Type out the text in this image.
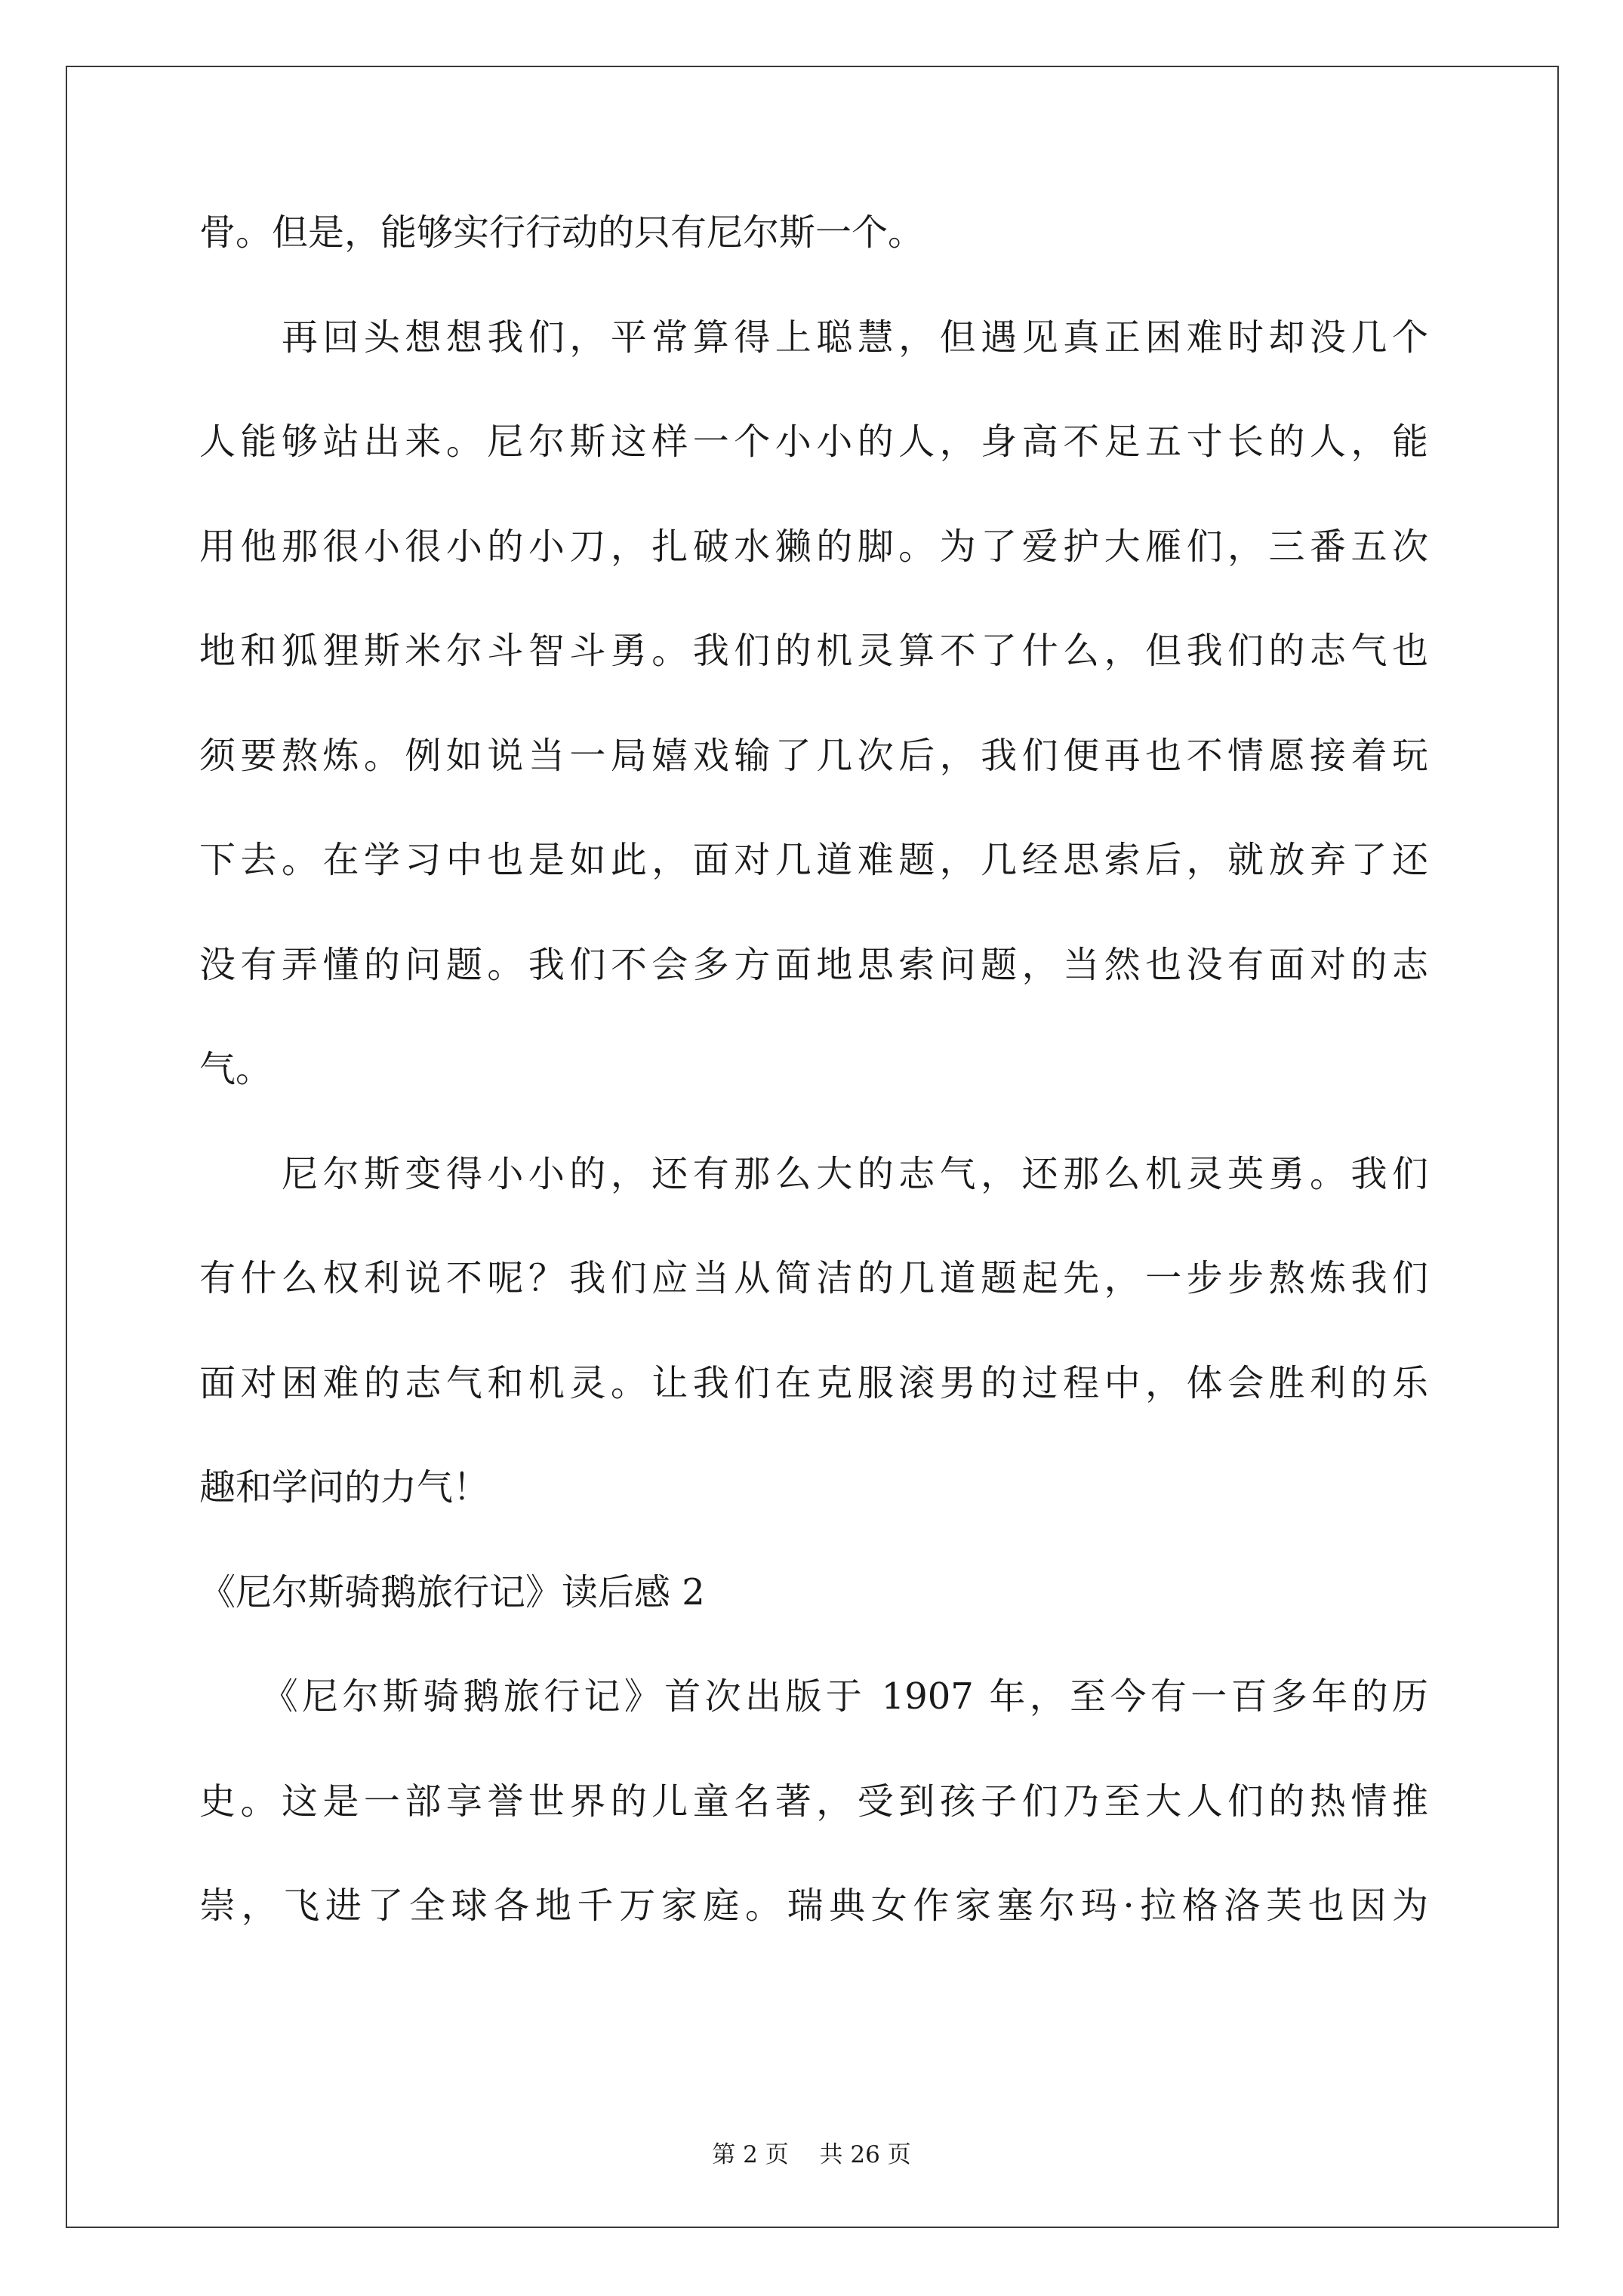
骨。但是，能够实行行动的只有尼尔斯一个。
　　再回头想想我们，平常算得上聪慧，但遇见真正困难时却没几个
人能够站出来。尼尔斯这样一个小小的人，身高不足五寸长的人，能
用他那很小很小的小刀，扎破水獭的脚。为了爱护大雁们，三番五次
地和狐狸斯米尔斗智斗勇。我们的机灵算不了什么，但我们的志气也
须要熬炼。例如说当一局嬉戏输了几次后，我们便再也不情愿接着玩
下去。在学习中也是如此，面对几道难题，几经思索后，就放弃了还
没有弄懂的问题。我们不会多方面地思索问题，当然也没有面对的志
气。
　　尼尔斯变得小小的，还有那么大的志气，还那么机灵英勇。我们
有什么权利说不呢？我们应当从简洁的几道题起先，一步步熬炼我们
面对困难的志气和机灵。让我们在克服滚男的过程中，体会胜利的乐
趣和学问的力气！
《尼尔斯骑鹅旅行记》读后感 2
　　《尼尔斯骑鹅旅行记》首次出版于 1907 年，至今有一百多年的历
史。这是一部享誉世界的儿童名著，受到孩子们乃至大人们的热情推
崇，飞进了全球各地千万家庭。瑞典女作家塞尔玛·拉格洛芙也因为
第 2 页　 共 26 页
